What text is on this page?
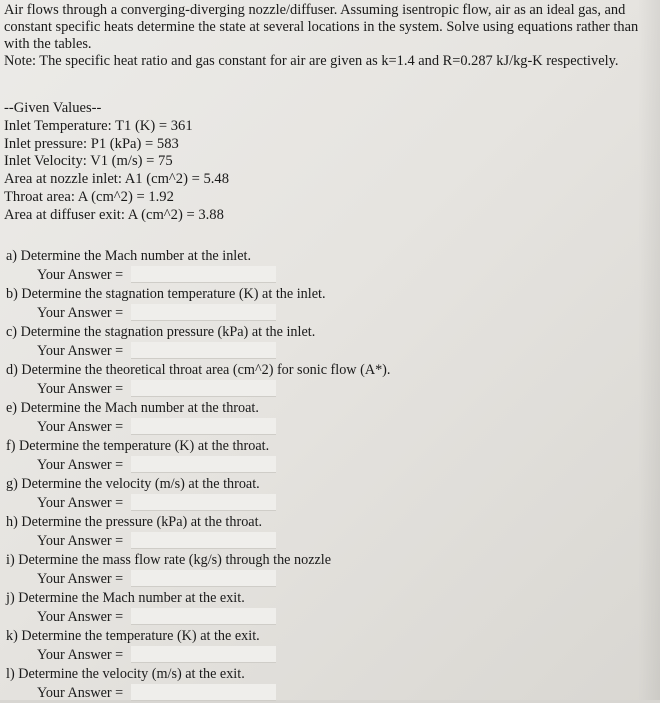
Air flows through a converging-diverging nozzle/diffuser. Assuming isentropic flow, air as an ideal gas, and constant specific heats determine the state at several locations in the system. Solve using equations rather than with the tables.

Note: The specific heat ratio and gas constant for air are given as k=1.4 and R=0.287 kJ/kg-K respectively.

--Given Values--
Inlet Temperature: T1 (K) = 361
Inlet pressure: P1 (kPa) = 583
Inlet Velocity: V1 (m/s) = 75
Area at nozzle inlet: A1 (cm^2) = 5.48
Throat area: A (cm^2) = 1.92
Area at diffuser exit: A (cm^2) = 3.88
a) Determine the Mach number at the inlet.
Your Answer =
b) Determine the stagnation temperature (K) at the inlet.
Your Answer =
c) Determine the stagnation pressure (kPa) at the inlet.
Your Answer =
d) Determine the theoretical throat area (cm^2) for sonic flow (A*).
Your Answer =
e) Determine the Mach number at the throat.
Your Answer =
f) Determine the temperature (K) at the throat.
Your Answer =
g) Determine the velocity (m/s) at the throat.
Your Answer =
h) Determine the pressure (kPa) at the throat.
Your Answer =
i) Determine the mass flow rate (kg/s) through the nozzle
Your Answer =
j) Determine the Mach number at the exit.
Your Answer =
k) Determine the temperature (K) at the exit.
Your Answer =
l) Determine the velocity (m/s) at the exit.
Your Answer =
